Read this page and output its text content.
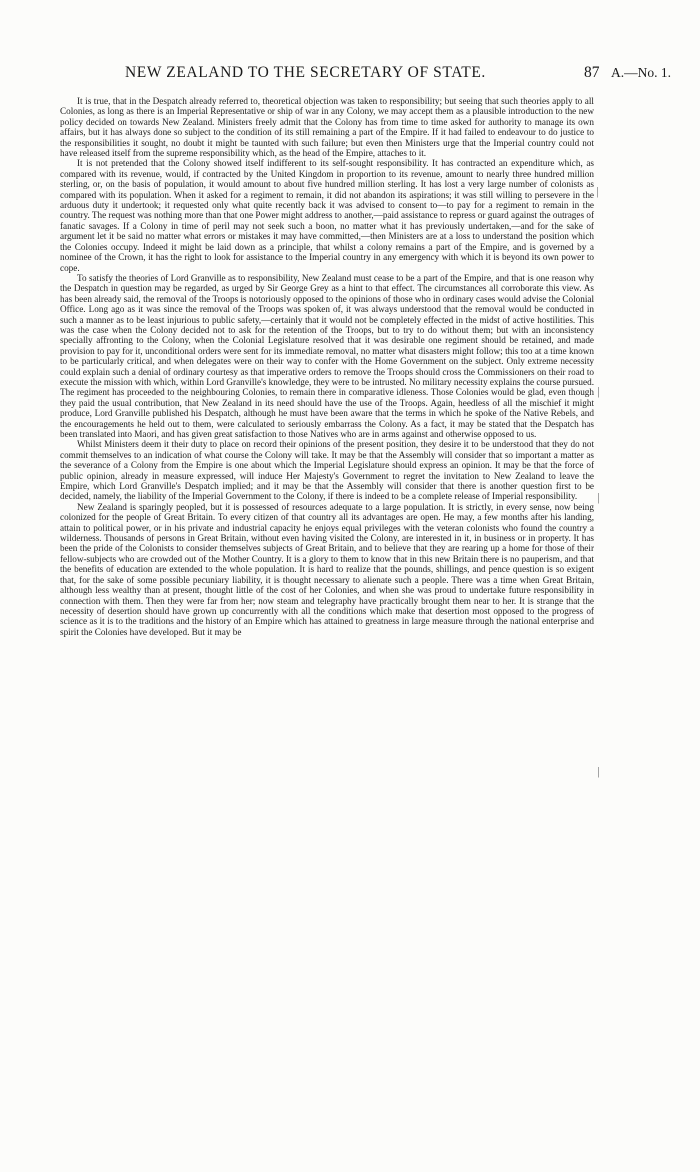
NEW ZEALAND TO THE SECRETARY OF STATE.	87 A.—No. 1.

It is true, that in the Despatch already referred to, theoretical objection was taken to responsibility; but seeing that such theories apply to all Colonies, as long as there is an Imperial Representative or ship of war in any Colony, we may accept them as a plausible introduction to the new policy decided on towards New Zealand. Ministers freely admit that the Colony has from time to time asked for authority to manage its own affairs, but it has always done so subject to the condition of its still remaining a part of the Empire. If it had failed to endeavour to do justice to the responsibilities it sought, no doubt it might be taunted with such failure; but even then Ministers urge that the Imperial country could not have released itself from the supreme responsibility which, as the head of the Empire, attaches to it.

It is not pretended that the Colony showed itself indifferent to its self-sought responsibility. It has contracted an expenditure which, as compared with its revenue, would, if contracted by the United Kingdom in proportion to its revenue, amount to nearly three hundred million sterling, or, on the basis of population, it would amount to about five hundred million sterling. It has lost a very large number of colonists as compared with its population. When it asked for a regiment to remain, it did not abandon its aspirations; it was still willing to persevere in the arduous duty it undertook; it requested only what quite recently back it was advised to consent to—to pay for a regiment to remain in the country. The request was nothing more than that one Power might address to another,—paid assistance to repress or guard against the outrages of fanatic savages. If a Colony in time of peril may not seek such a boon, no matter what it has previously undertaken,—and for the sake of argument let it be said no matter what errors or mistakes it may have committed,—then Ministers are at a loss to understand the position which the Colonies occupy. Indeed it might be laid down as a principle, that whilst a colony remains a part of the Empire, and is governed by a nominee of the Crown, it has the right to look for assistance to the Imperial country in any emergency with which it is beyond its own power to cope.

To satisfy the theories of Lord Granville as to responsibility, New Zealand must cease to be a part of the Empire, and that is one reason why the Despatch in question may be regarded, as urged by Sir George Grey as a hint to that effect. The circumstances all corroborate this view. As has been already said, the removal of the Troops is notoriously opposed to the opinions of those who in ordinary cases would advise the Colonial Office. Long ago as it was since the removal of the Troops was spoken of, it was always understood that the removal would be conducted in such a manner as to be least injurious to public safety,—certainly that it would not be completely effected in the midst of active hostilities. This was the case when the Colony decided not to ask for the retention of the Troops, but to try to do without them; but with an inconsistency specially affronting to the Colony, when the Colonial Legislature resolved that it was desirable one regiment should be retained, and made provision to pay for it, unconditional orders were sent for its immediate removal, no matter what disasters might follow; this too at a time known to be particularly critical, and when delegates were on their way to confer with the Home Government on the subject. Only extreme necessity could explain such a denial of ordinary courtesy as that imperative orders to remove the Troops should cross the Commissioners on their road to execute the mission with which, within Lord Granville's knowledge, they were to be intrusted. No military necessity explains the course pursued. The regiment has proceeded to the neighbouring Colonies, to remain there in comparative idleness. Those Colonies would be glad, even though they paid the usual contribution, that New Zealand in its need should have the use of the Troops. Again, heedless of all the mischief it might produce, Lord Granville published his Despatch, although he must have been aware that the terms in which he spoke of the Native Rebels, and the encouragements he held out to them, were calculated to seriously embarrass the Colony. As a fact, it may be stated that the Despatch has been translated into Maori, and has given great satisfaction to those Natives who are in arms against and otherwise opposed to us.

Whilst Ministers deem it their duty to place on record their opinions of the present position, they desire it to be understood that they do not commit themselves to an indication of what course the Colony will take. It may be that the Assembly will consider that so important a matter as the severance of a Colony from the Empire is one about which the Imperial Legislature should express an opinion. It may be that the force of public opinion, already in measure expressed, will induce Her Majesty's Government to regret the invitation to New Zealand to leave the Empire, which Lord Granville's Despatch implied; and it may be that the Assembly will consider that there is another question first to be decided, namely, the liability of the Imperial Government to the Colony, if there is indeed to be a complete release of Imperial responsibility.

New Zealand is sparingly peopled, but it is possessed of resources adequate to a large population. It is strictly, in every sense, now being colonized for the people of Great Britain. To every citizen of that country all its advantages are open. He may, a few months after his landing, attain to political power, or in his private and industrial capacity he enjoys equal privileges with the veteran colonists who found the country a wilderness. Thousands of persons in Great Britain, without even having visited the Colony, are interested in it, in business or in property. It has been the pride of the Colonists to consider themselves subjects of Great Britain, and to believe that they are rearing up a home for those of their fellow-subjects who are crowded out of the Mother Country. It is a glory to them to know that in this new Britain there is no pauperism, and that the benefits of education are extended to the whole population. It is hard to realize that the pounds, shillings, and pence question is so exigent that, for the sake of some possible pecuniary liability, it is thought necessary to alienate such a people. There was a time when Great Britain, although less wealthy than at present, thought little of the cost of her Colonies, and when she was proud to undertake future responsibility in connection with them. Then they were far from her; now steam and telegraphy have practically brought them near to her. It is strange that the necessity of desertion should have grown up concurrently with all the conditions which make that desertion most opposed to the progress of science as it is to the traditions and the history of an Empire which has attained to greatness in large measure through the national enterprise and spirit the Colonies have developed. But it may be

|
|
|
|
